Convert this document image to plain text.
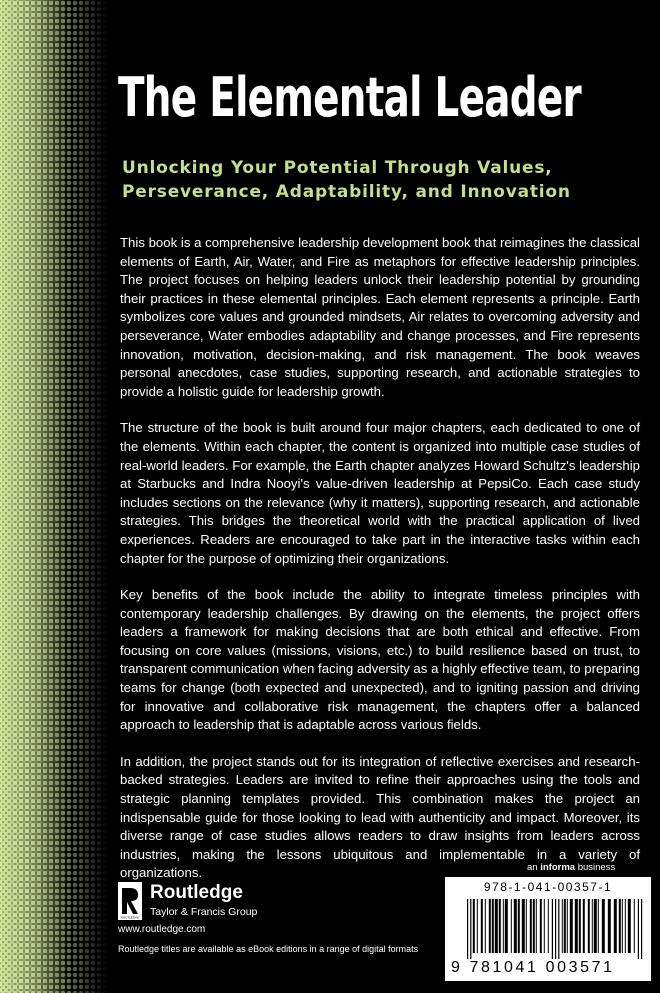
The Elemental Leader
Unlocking Your Potential Through Values,
Perseverance, Adaptability, and Innovation

This book is a comprehensive leadership development book that reimagines the classical elements of Earth, Air, Water, and Fire as metaphors for effective leadership principles. The project focuses on helping leaders unlock their leadership potential by grounding their practices in these elemental principles. Each element represents a principle. Earth symbolizes core values and grounded mindsets, Air relates to overcoming adversity and perseverance, Water embodies adaptability and change processes, and Fire represents innovation, motivation, decision-making, and risk management. The book weaves personal anecdotes, case studies, supporting research, and actionable strategies to provide a holistic guide for leadership growth.

The structure of the book is built around four major chapters, each dedicated to one of the elements. Within each chapter, the content is organized into multiple case studies of real-world leaders. For example, the Earth chapter analyzes Howard Schultz's leadership at Starbucks and Indra Nooyi's value-driven leadership at PepsiCo. Each case study includes sections on the relevance (why it matters), supporting research, and actionable strategies. This bridges the theoretical world with the practical application of lived experiences. Readers are encouraged to take part in the interactive tasks within each chapter for the purpose of optimizing their organizations.

Key benefits of the book include the ability to integrate timeless principles with contemporary leadership challenges. By drawing on the elements, the project offers leaders a framework for making decisions that are both ethical and effective. From focusing on core values (missions, visions, etc.) to build resilience based on trust, to transparent communication when facing adversity as a highly effective team, to preparing teams for change (both expected and unexpected), and to igniting passion and driving for innovative and collaborative risk management, the chapters offer a balanced approach to leadership that is adaptable across various fields.

In addition, the project stands out for its integration of reflective exercises and research-backed strategies. Leaders are invited to refine their approaches using the tools and strategic planning templates provided. This combination makes the project an indispensable guide for those looking to lead with authenticity and impact. Moreover, its diverse range of case studies allows readers to draw insights from leaders across industries, making the lessons ubiquitous and implementable in a variety of organizations.	an informa business
978-1-041-00357-1
9 781041 003571
ROUTLEDGE
Routledge
Taylor & Francis Group
www.routledge.com
Routledge titles are available as eBook editions in a range of digital formats
